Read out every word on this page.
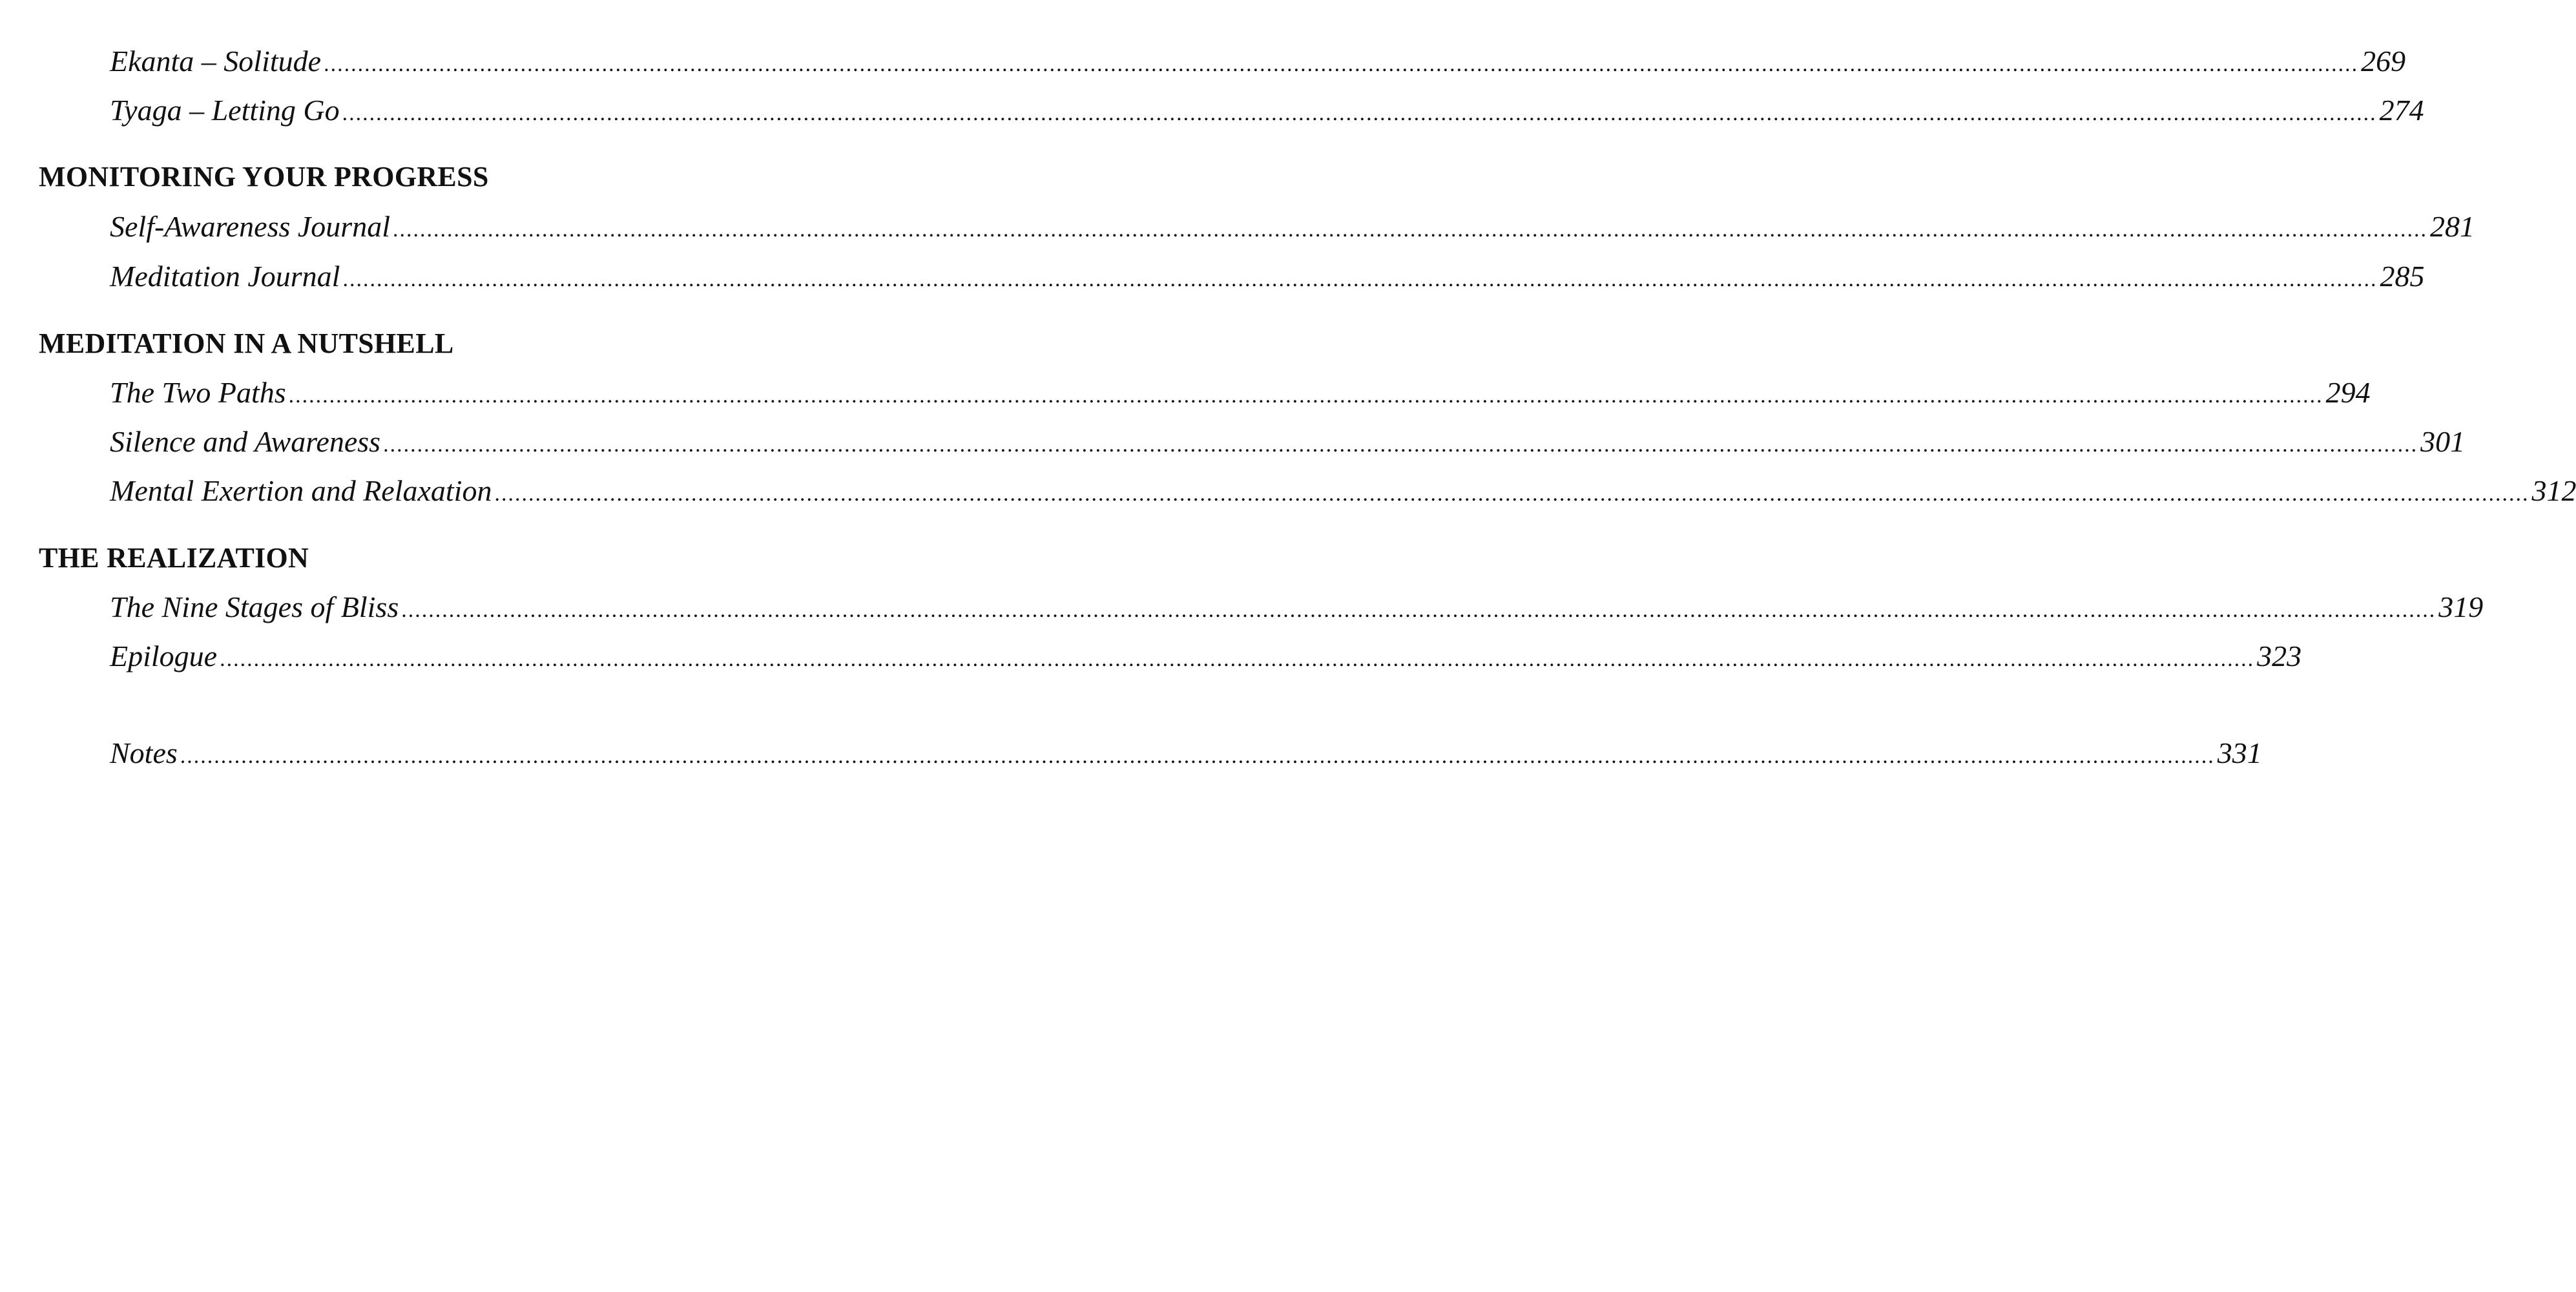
Ekanta – Solitude ............................................................................................................................................................................................................................................................................................................ 269
Tyaga – Letting Go ............................................................................................................................................................................................................................................................................................................ 274
MONITORING YOUR PROGRESS
Self-Awareness Journal ............................................................................................................................................................................................................................................................................................................ 281
Meditation Journal ............................................................................................................................................................................................................................................................................................................ 285
MEDITATION IN A NUTSHELL
The Two Paths ............................................................................................................................................................................................................................................................................................................ 294
Silence and Awareness ............................................................................................................................................................................................................................................................................................................ 301
Mental Exertion and Relaxation ............................................................................................................................................................................................................................................................................................................ 312
THE REALIZATION
The Nine Stages of Bliss ............................................................................................................................................................................................................................................................................................................ 319
Epilogue ............................................................................................................................................................................................................................................................................................................ 323
Notes ............................................................................................................................................................................................................................................................................................................ 331
